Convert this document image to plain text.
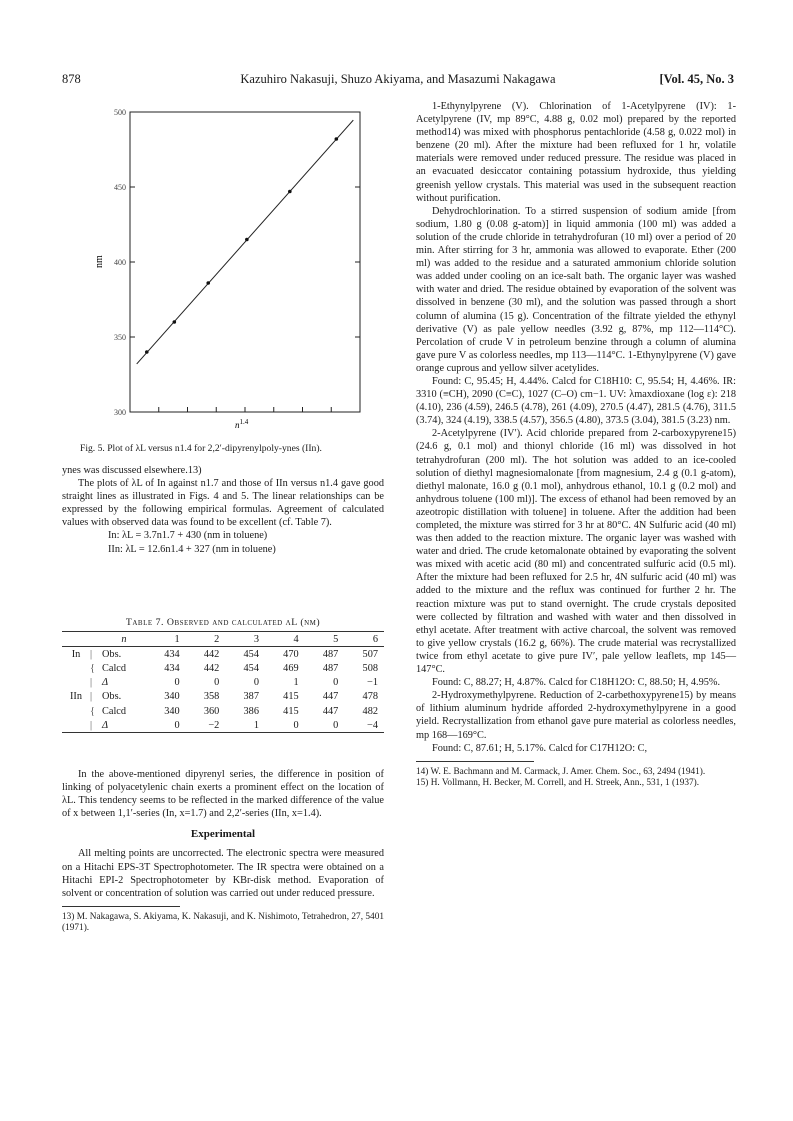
878	Kazuhiro Nakasuji, Shuzo Akiyama, and Masazumi Nakagawa	[Vol. 45, No. 3
300
350
400
450
500
nm
$n^{1.4}$
Fig. 5. Plot of λL versus n1.4 for 2,2′-dipyrenylpoly-ynes (IIn).

ynes was discussed elsewhere.13)

The plots of λL of In against n1.7 and those of IIn versus n1.4 gave good straight lines as illustrated in Figs. 4 and 5. The linear relationships can be expressed by the following empirical formulas. Agreement of calculated values with observed data was found to be excellent (cf. Table 7).

In: λL = 3.7n1.7 + 430 (nm in toluene)

IIn: λL = 12.6n1.4 + 327 (nm in toluene)

Table 7. Observed and calculated λL (nm)
		n	1	2	3	4	5	6
In	|	Obs.	434	442	454	470	487	507
	{	Calcd	434	442	454	469	487	508
	|	Δ	0	0	0	1	0	−1
IIn	|	Obs.	340	358	387	415	447	478
	{	Calcd	340	360	386	415	447	482
	|	Δ	0	−2	1	0	0	−4

In the above-mentioned dipyrenyl series, the difference in position of linking of polyacetylenic chain exerts a prominent effect on the location of λL. This tendency seems to be reflected in the marked difference of the value of x between 1,1′-series (In, x=1.7) and 2,2′-series (IIn, x=1.4).

Experimental

All melting points are uncorrected. The electronic spectra were measured on a Hitachi EPS-3T Spectrophotometer. The IR spectra were obtained on a Hitachi EPI-2 Spectrophotometer by KBr-disk method. Evaporation of solvent or concentration of solution was carried out under reduced pressure.

13) M. Nakagawa, S. Akiyama, K. Nakasuji, and K. Nishimoto, Tetrahedron, 27, 5401 (1971).

1-Ethynylpyrene (V). Chlorination of 1-Acetylpyrene (IV): 1-Acetylpyrene (IV, mp 89°C, 4.88 g, 0.02 mol) prepared by the reported method14) was mixed with phosphorus pentachloride (4.58 g, 0.022 mol) in benzene (20 ml). After the mixture had been refluxed for 1 hr, volatile materials were removed under reduced pressure. The residue was placed in an evacuated desiccator containing potassium hydroxide, thus yielding greenish yellow crystals. This material was used in the subsequent reaction without purification.

Dehydrochlorination. To a stirred suspension of sodium amide [from sodium, 1.80 g (0.08 g-atom)] in liquid ammonia (100 ml) was added a solution of the crude chloride in tetrahydrofuran (10 ml) over a period of 20 min. After stirring for 3 hr, ammonia was allowed to evaporate. Ether (200 ml) was added to the residue and a saturated ammonium chloride solution was added under cooling on an ice-salt bath. The organic layer was washed with water and dried. The residue obtained by evaporation of the solvent was dissolved in benzene (30 ml), and the solution was passed through a short column of alumina (15 g). Concentration of the filtrate yielded the ethynyl derivative (V) as pale yellow needles (3.92 g, 87%, mp 112—114°C). Percolation of crude V in petroleum benzine through a column of alumina gave pure V as colorless needles, mp 113—114°C. 1-Ethynylpyrene (V) gave orange cuprous and yellow silver acetylides.

Found: C, 95.45; H, 4.44%. Calcd for C18H10: C, 95.54; H, 4.46%. IR: 3310 (≡CH), 2090 (C≡C), 1027 (C–O) cm−1. UV: λmaxdioxane (log ε): 218 (4.10), 236 (4.59), 246.5 (4.78), 261 (4.09), 270.5 (4.47), 281.5 (4.76), 311.5 (3.74), 324 (4.19), 338.5 (4.57), 356.5 (4.80), 373.5 (3.04), 381.5 (3.23) nm.

2-Acetylpyrene (IV′). Acid chloride prepared from 2-carboxypyrene15) (24.6 g, 0.1 mol) and thionyl chloride (16 ml) was dissolved in hot tetrahydrofuran (200 ml). The hot solution was added to an ice-cooled solution of diethyl magnesiomalonate [from magnesium, 2.4 g (0.1 g-atom), diethyl malonate, 16.0 g (0.1 mol), anhydrous ethanol, 10.1 g (0.2 mol) and anhydrous toluene (100 ml)]. The excess of ethanol had been removed by an azeotropic distillation with toluene] in toluene. After the addition had been completed, the mixture was stirred for 3 hr at 80°C. 4N Sulfuric acid (40 ml) was then added to the reaction mixture. The organic layer was washed with water and dried. The crude ketomalonate obtained by evaporating the solvent was mixed with acetic acid (80 ml) and concentrated sulfuric acid (0.5 ml). After the mixture had been refluxed for 2.5 hr, 4N sulfuric acid (40 ml) was added to the mixture and the reflux was continued for further 2 hr. The reaction mixture was put to stand overnight. The crude crystals deposited were collected by filtration and washed with water and then dissolved in ethyl acetate. After treatment with active charcoal, the solvent was removed to give yellow crystals (16.2 g, 66%). The crude material was recrystallized twice from ethyl acetate to give pure IV′, pale yellow leaflets, mp 145—147°C.

Found: C, 88.27; H, 4.87%. Calcd for C18H12O: C, 88.50; H, 4.95%.

2-Hydroxymethylpyrene. Reduction of 2-carbethoxypyrene15) by means of lithium aluminum hydride afforded 2-hydroxymethylpyrene in a good yield. Recrystallization from ethanol gave pure material as colorless needles, mp 168—169°C.

Found: C, 87.61; H, 5.17%. Calcd for C17H12O: C,

14) W. E. Bachmann and M. Carmack, J. Amer. Chem. Soc., 63, 2494 (1941).

15) H. Vollmann, H. Becker, M. Correll, and H. Streek, Ann., 531, 1 (1937).
